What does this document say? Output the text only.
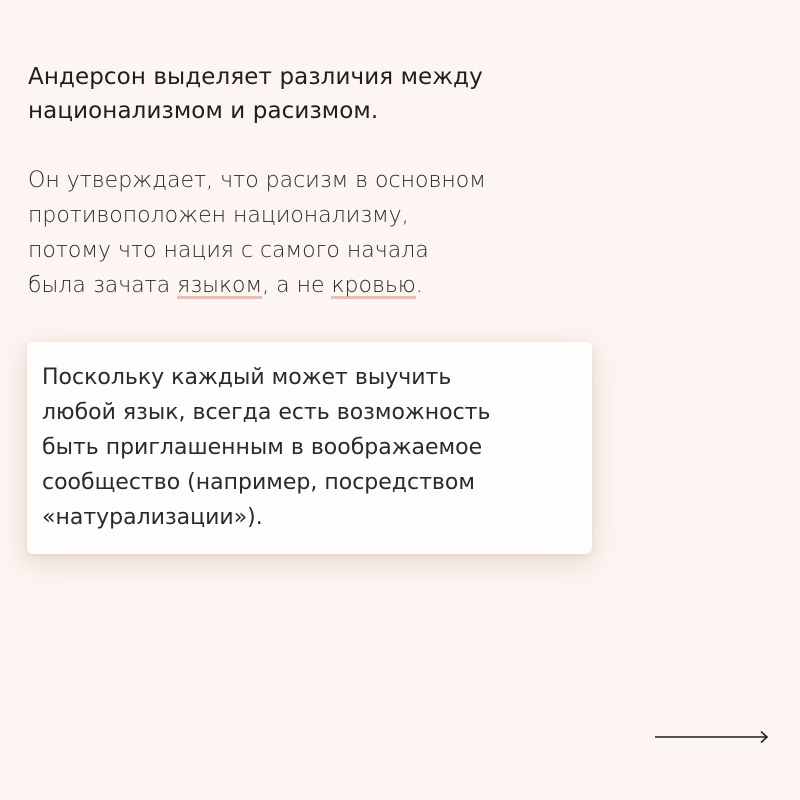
Андерсон выделяет различия между
национализмом и расизмом.

Он утверждает, что расизм в основном
противоположен национализму,
потому что нация с самого начала
была зачата языком, а не кровью.

Поскольку каждый может выучить
любой язык, всегда есть возможность
быть приглашенным в воображаемое
сообщество (например, посредством
«натурализации»).
